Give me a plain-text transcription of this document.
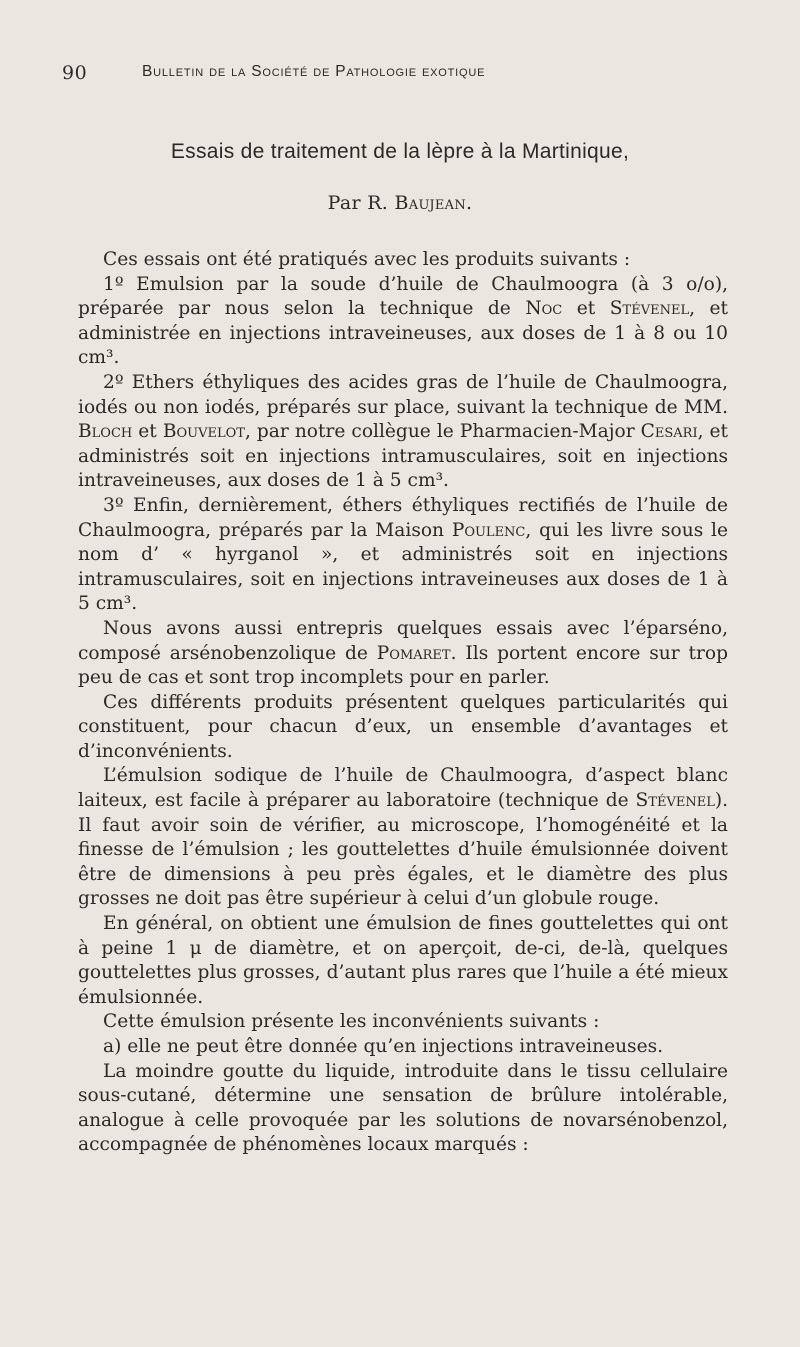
90	Bulletin de la Société de Pathologie exotique
Essais de traitement de la lèpre à la Martinique,
Par R. Baujean.

Ces essais ont été pratiqués avec les produits suivants :

1º Emulsion par la soude d’huile de Chaulmoogra (à 3 o/o), préparée par nous selon la technique de Noc et Stévenel, et administrée en injections intraveineuses, aux doses de 1 à 8 ou 10 cm³.

2º Ethers éthyliques des acides gras de l’huile de Chaulmoogra, iodés ou non iodés, préparés sur place, suivant la technique de MM. Bloch et Bouvelot, par notre collègue le Pharmacien-Major Cesari, et administrés soit en injections intramusculaires, soit en injections intraveineuses, aux doses de 1 à 5 cm³.

3º Enfin, dernièrement, éthers éthyliques rectifiés de l’huile de Chaulmoogra, préparés par la Maison Poulenc, qui les livre sous le nom d’ « hyrganol », et administrés soit en injections intramusculaires, soit en injections intraveineuses aux doses de 1 à 5 cm³.

Nous avons aussi entrepris quelques essais avec l’éparséno, composé arsénobenzolique de Pomaret. Ils portent encore sur trop peu de cas et sont trop incomplets pour en parler.

Ces différents produits présentent quelques particularités qui constituent, pour chacun d’eux, un ensemble d’avantages et d’inconvénients.

L’émulsion sodique de l’huile de Chaulmoogra, d’aspect blanc laiteux, est facile à préparer au laboratoire (technique de Stévenel). Il faut avoir soin de vérifier, au microscope, l’homogénéité et la finesse de l’émulsion ; les gouttelettes d’huile émulsionnée doivent être de dimensions à peu près égales, et le diamètre des plus grosses ne doit pas être supérieur à celui d’un globule rouge.

En général, on obtient une émulsion de fines gouttelettes qui ont à peine 1 μ de diamètre, et on aperçoit, de-ci, de-là, quelques gouttelettes plus grosses, d’autant plus rares que l’huile a été mieux émulsionnée.

Cette émulsion présente les inconvénients suivants :

a) elle ne peut être donnée qu’en injections intraveineuses.

La moindre goutte du liquide, introduite dans le tissu cellulaire sous-cutané, détermine une sensation de brûlure intolérable, analogue à celle provoquée par les solutions de novarsénobenzol, accompagnée de phénomènes locaux marqués :
